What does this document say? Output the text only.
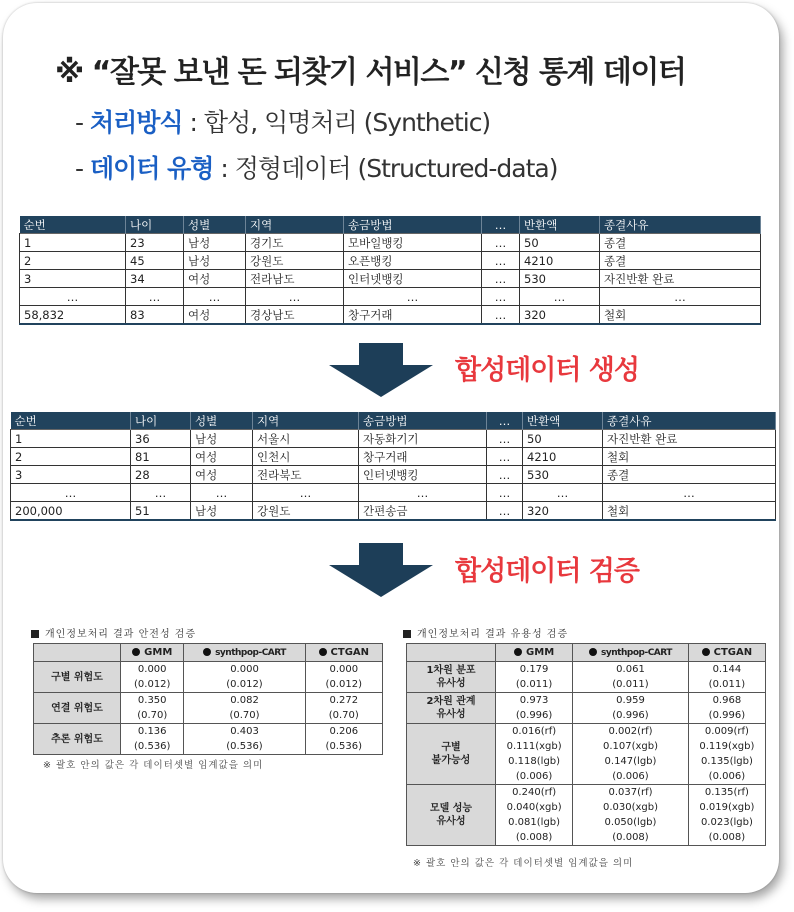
※ “잘못 보낸 돈 되찾기 서비스” 신청 통계 데이터
- 처리방식 : 합성, 익명처리 (Synthetic)
- 데이터 유형 : 정형데이터 (Structured-data)
순번	나이	성별	지역	송금방법	…	반환액	종결사유
1	23	남성	경기도	모바일뱅킹	…	50	종결
2	45	남성	강원도	오픈뱅킹	…	4210	종결
3	34	여성	전라남도	인터넷뱅킹	…	530	자진반환 완료
…	…	…	…	…	…	…	…
58,832	83	여성	경상남도	창구거래	…	320	철회
합성데이터 생성
순번	나이	성별	지역	송금방법	…	반환액	종결사유
1	36	남성	서울시	자동화기기	…	50	자진반환 완료
2	81	여성	인천시	창구거래	…	4210	철회
3	28	여성	전라북도	인터넷뱅킹	…	530	종결
…	…	…	…	…	…	…	…
200,000	51	남성	강원도	간편송금	…	320	철회
합성데이터 검증
개인정보처리 결과 안전성 검증
	GMM	synthpop-CART	CTGAN
구별 위험도	0.000	0.000	0.000
	(0.012)	(0.012)	(0.012)
연결 위험도	0.350	0.082	0.272
	(0.70)	(0.70)	(0.70)
추론 위험도	0.136	0.403	0.206
	(0.536)	(0.536)	(0.536)
※ 괄호 안의 값은 각 데이터셋별 임계값을 의미
개인정보처리 결과 유용성 검증
	GMM	synthpop-CART	CTGAN
1차원 분포
유사성	0.179	0.061	0.144
	(0.011)	(0.011)	(0.011)
2차원 관계
유사성	0.973	0.959	0.968
	(0.996)	(0.996)	(0.996)
구별
불가능성	0.016(rf)	0.002(rf)	0.009(rf)
	0.111(xgb)	0.107(xgb)	0.119(xgb)
	0.118(lgb)	0.147(lgb)	0.135(lgb)
	(0.006)	(0.006)	(0.006)
모델 성능
유사성	0.240(rf)	0.037(rf)	0.135(rf)
	0.040(xgb)	0.030(xgb)	0.019(xgb)
	0.081(lgb)	0.050(lgb)	0.023(lgb)
	(0.008)	(0.008)	(0.008)
※ 괄호 안의 값은 각 데이터셋별 임계값을 의미
